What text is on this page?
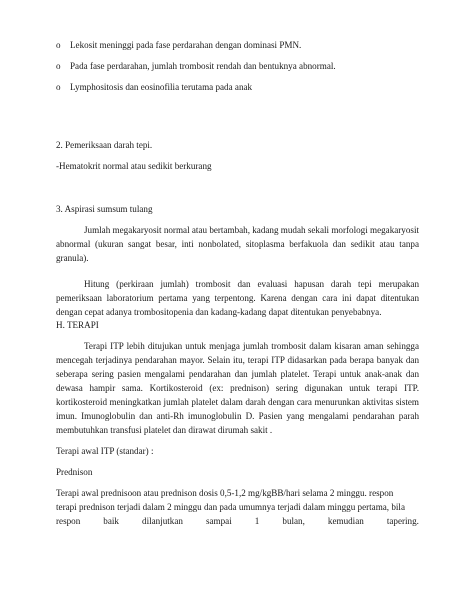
o Lekosit meninggi pada fase perdarahan dengan dominasi PMN.
o Pada fase perdarahan, jumlah trombosit rendah dan bentuknya abnormal.
o Lymphositosis dan eosinofilia terutama pada anak
2. Pemeriksaan darah tepi.
-Hematokrit normal atau sedikit berkurang
3. Aspirasi sumsum tulang
Jumlah megakaryosit normal atau bertambah, kadang mudah sekali morfologi megakaryosit abnormal (ukuran sangat besar, inti nonbolated, sitoplasma berfakuola dan sedikit atau tanpa granula).
Hitung (perkiraan jumlah) trombosit dan evaluasi hapusan darah tepi merupakan pemeriksaan laboratorium pertama yang terpentong. Karena dengan cara ini dapat ditentukan dengan cepat adanya trombositopenia dan kadang-kadang dapat ditentukan penyebabnya.
H. TERAPI
Terapi ITP lebih ditujukan untuk menjaga jumlah trombosit dalam kisaran aman sehingga mencegah terjadinya pendarahan mayor. Selain itu, terapi ITP didasarkan pada berapa banyak dan seberapa sering pasien mengalami pendarahan dan jumlah platelet. Terapi untuk anak-anak dan dewasa hampir sama. Kortikosteroid (ex: prednison) sering digunakan untuk terapi ITP. kortikosteroid meningkatkan jumlah platelet dalam darah dengan cara menurunkan aktivitas sistem imun. Imunoglobulin dan anti-Rh imunoglobulin D. Pasien yang mengalami pendarahan parah membutuhkan transfusi platelet dan dirawat dirumah sakit .
Terapi awal ITP (standar) :
Prednison
Terapi awal prednisoon atau prednison dosis 0,5-1,2 mg/kgBB/hari selama 2 minggu. respon
terapi prednison terjadi dalam 2 minggu dan pada umumnya terjadi dalam minggu pertama, bila
respon	baik	dilanjutkan	sampai	1	bulan,	kemudian	tapering.
